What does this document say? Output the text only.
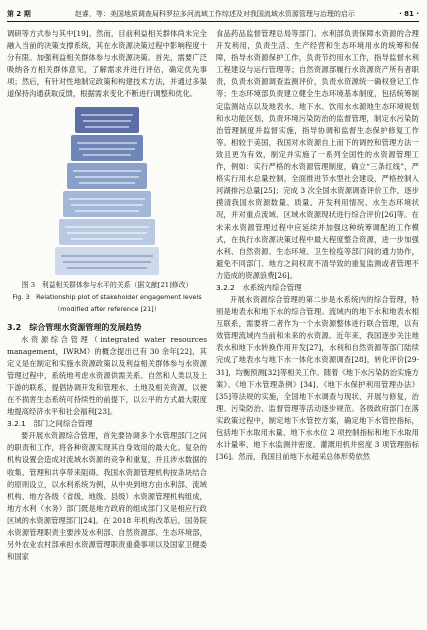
第 2 期	赵睿，等：美国地质调查局科罗拉多河流域工作综述及对我国流域水资源管理与治理的启示	· 81 ·

调研等方式参与其中[19]。然而，目前利益相关群体尚未完全融入当前的决策支撑系统，其在水资源决策过程中影响程度十分有限。加强利益相关群体参与水资源决策。首先，需要广泛吸纳各方相关群体意见，了解需求并进行评估，确定优先事项；然后，有针对性地制定政策和构建技术方法，并通过多渠道保持沟通获取反馈，根据需求变化不断进行调整和优化。

图 3　利益相关群体参与水平的关系（据文献[21]修改）
Fig. 3　Relationship plot of stakeholder engagement levels
（modified after reference [21]）
3.2　综合管理水资源管理的发展趋势

水资源综合管理（integrated water resources management，IWRM）的概念提出已有 30 余年[22]，其定义是在制定和实施水资源政策以及利益相关群体参与水资源管理过程中，系统地考虑水资源供需关系、自然和人类以及上下游的联系，提倡协调开发和管理水、土地及相关资源，以便在不损害生态系统可持续性的前提下，以公平的方式最大限度地提高经济水平和社会福利[23]。

3.2.1　部门之间综合管理

要开展水资源综合管理，首先要协调多个水管理部门之间的职责和工作，将各种资源实现其自身效用的最大化。复杂的机构设置会造成对流域水资源的竞争和重复，并且涉水数据的收集、管理和共享带来阻碍。我国水资源管理机构按条块结合的原则设立，以水利系统为例，从中央到地方由水利部、流域机构、地方各级（省级、地级、县级）水资源管理机构组成，地方水利（水务）部门既是地方政府的组成部门又是相应行政区域的水资源管理部门[24]。在 2018 年机构改革后，国务院水资源管理职责主要涉及水利部、自然资源部、生态环境部，另外农业农村部承担水资源管理职责重叠事项以及国家卫健委和国家

食品药品监督管理总局等部门。水利部负责保障水资源的合理开发利用，负责生活、生产经营和生态环境用水的统筹和保障，指导水资源保护工作，负责节约用水工作，指导监督水利工程建设与运行管理等；自然资源部履行水资源资产所有者职责，负责水资源调查监测评价，负责水资源统一确权登记工作等；生态环境部负责建立健全生态环境基本制度，包括统筹制定监测站点以及地表水、地下水、饮用水水源地生态环境规划和水功能区划，负责环境污染防治的监督管理，制定水污染防治管理制度并监督实施，指导协调和监督生态保护修复工作等。相较于美国，我国对水资源自上而下的调控和管理方法一致且更为有效，制定并实施了一系列全国性的水资源管理工作，例如：实行严格的水资源管理制度，确立“三条红线”，严格实行用水总量控制，全面推进节水型社会建设，严格控制入河湖排污总量[25]；完成 3 次全国水资源调查评价工作，逐步摸清我国水资源数量、质量、开发利用情况、水生态环境状况，并对重点流域、区域水资源现状进行综合评价[26]等。在未来水资源管理过程中应延续并加强这种统筹调配的工作模式，在执行水资源决策过程中最大程度整合资源，进一步加强水利、自然资源、生态环境、卫生检疫等部门间的通力协作，避免不同部门、地方之间权责不清导致的重复监测或者管理不力造成的资源浪费[26]。

3.2.2　水系统内综合管理

开展水资源综合管理的第二步是水系统内的综合管理，特别是地表水和地下水的综合管理。流域内的地下水和地表水相互联系，需要将二者作为一个水资源整体进行联合管理，以有效管理流域内当前和未来的水资源。近年来，我国逐步关注地表水和地下水转换作用开发[27]，水利和自然资源等部门陆续完成了地表水与地下水一体化水资源调查[28]，转化评价[29-31]，均衡预测[32]等相关工作。随着《地下水污染防治实施方案》、《地下水管理条例》[34]、《地下水保护利用管理办法》[35]等法规的实施，全国地下水调查与现状、开展与修复，治理、污染防治、监督管理等活动逐步规范。各级政府部门在落实政策过程中，制定地下水管控方案，确定地下水管控指标，包括地下水取用水量、地下水水位 2 项控制指标和地下水取用水计量率、地下水监测井密度、灌溉用机井密度 3 项管理指标[36]。然而，我国目前地下水超采总体形势依然
